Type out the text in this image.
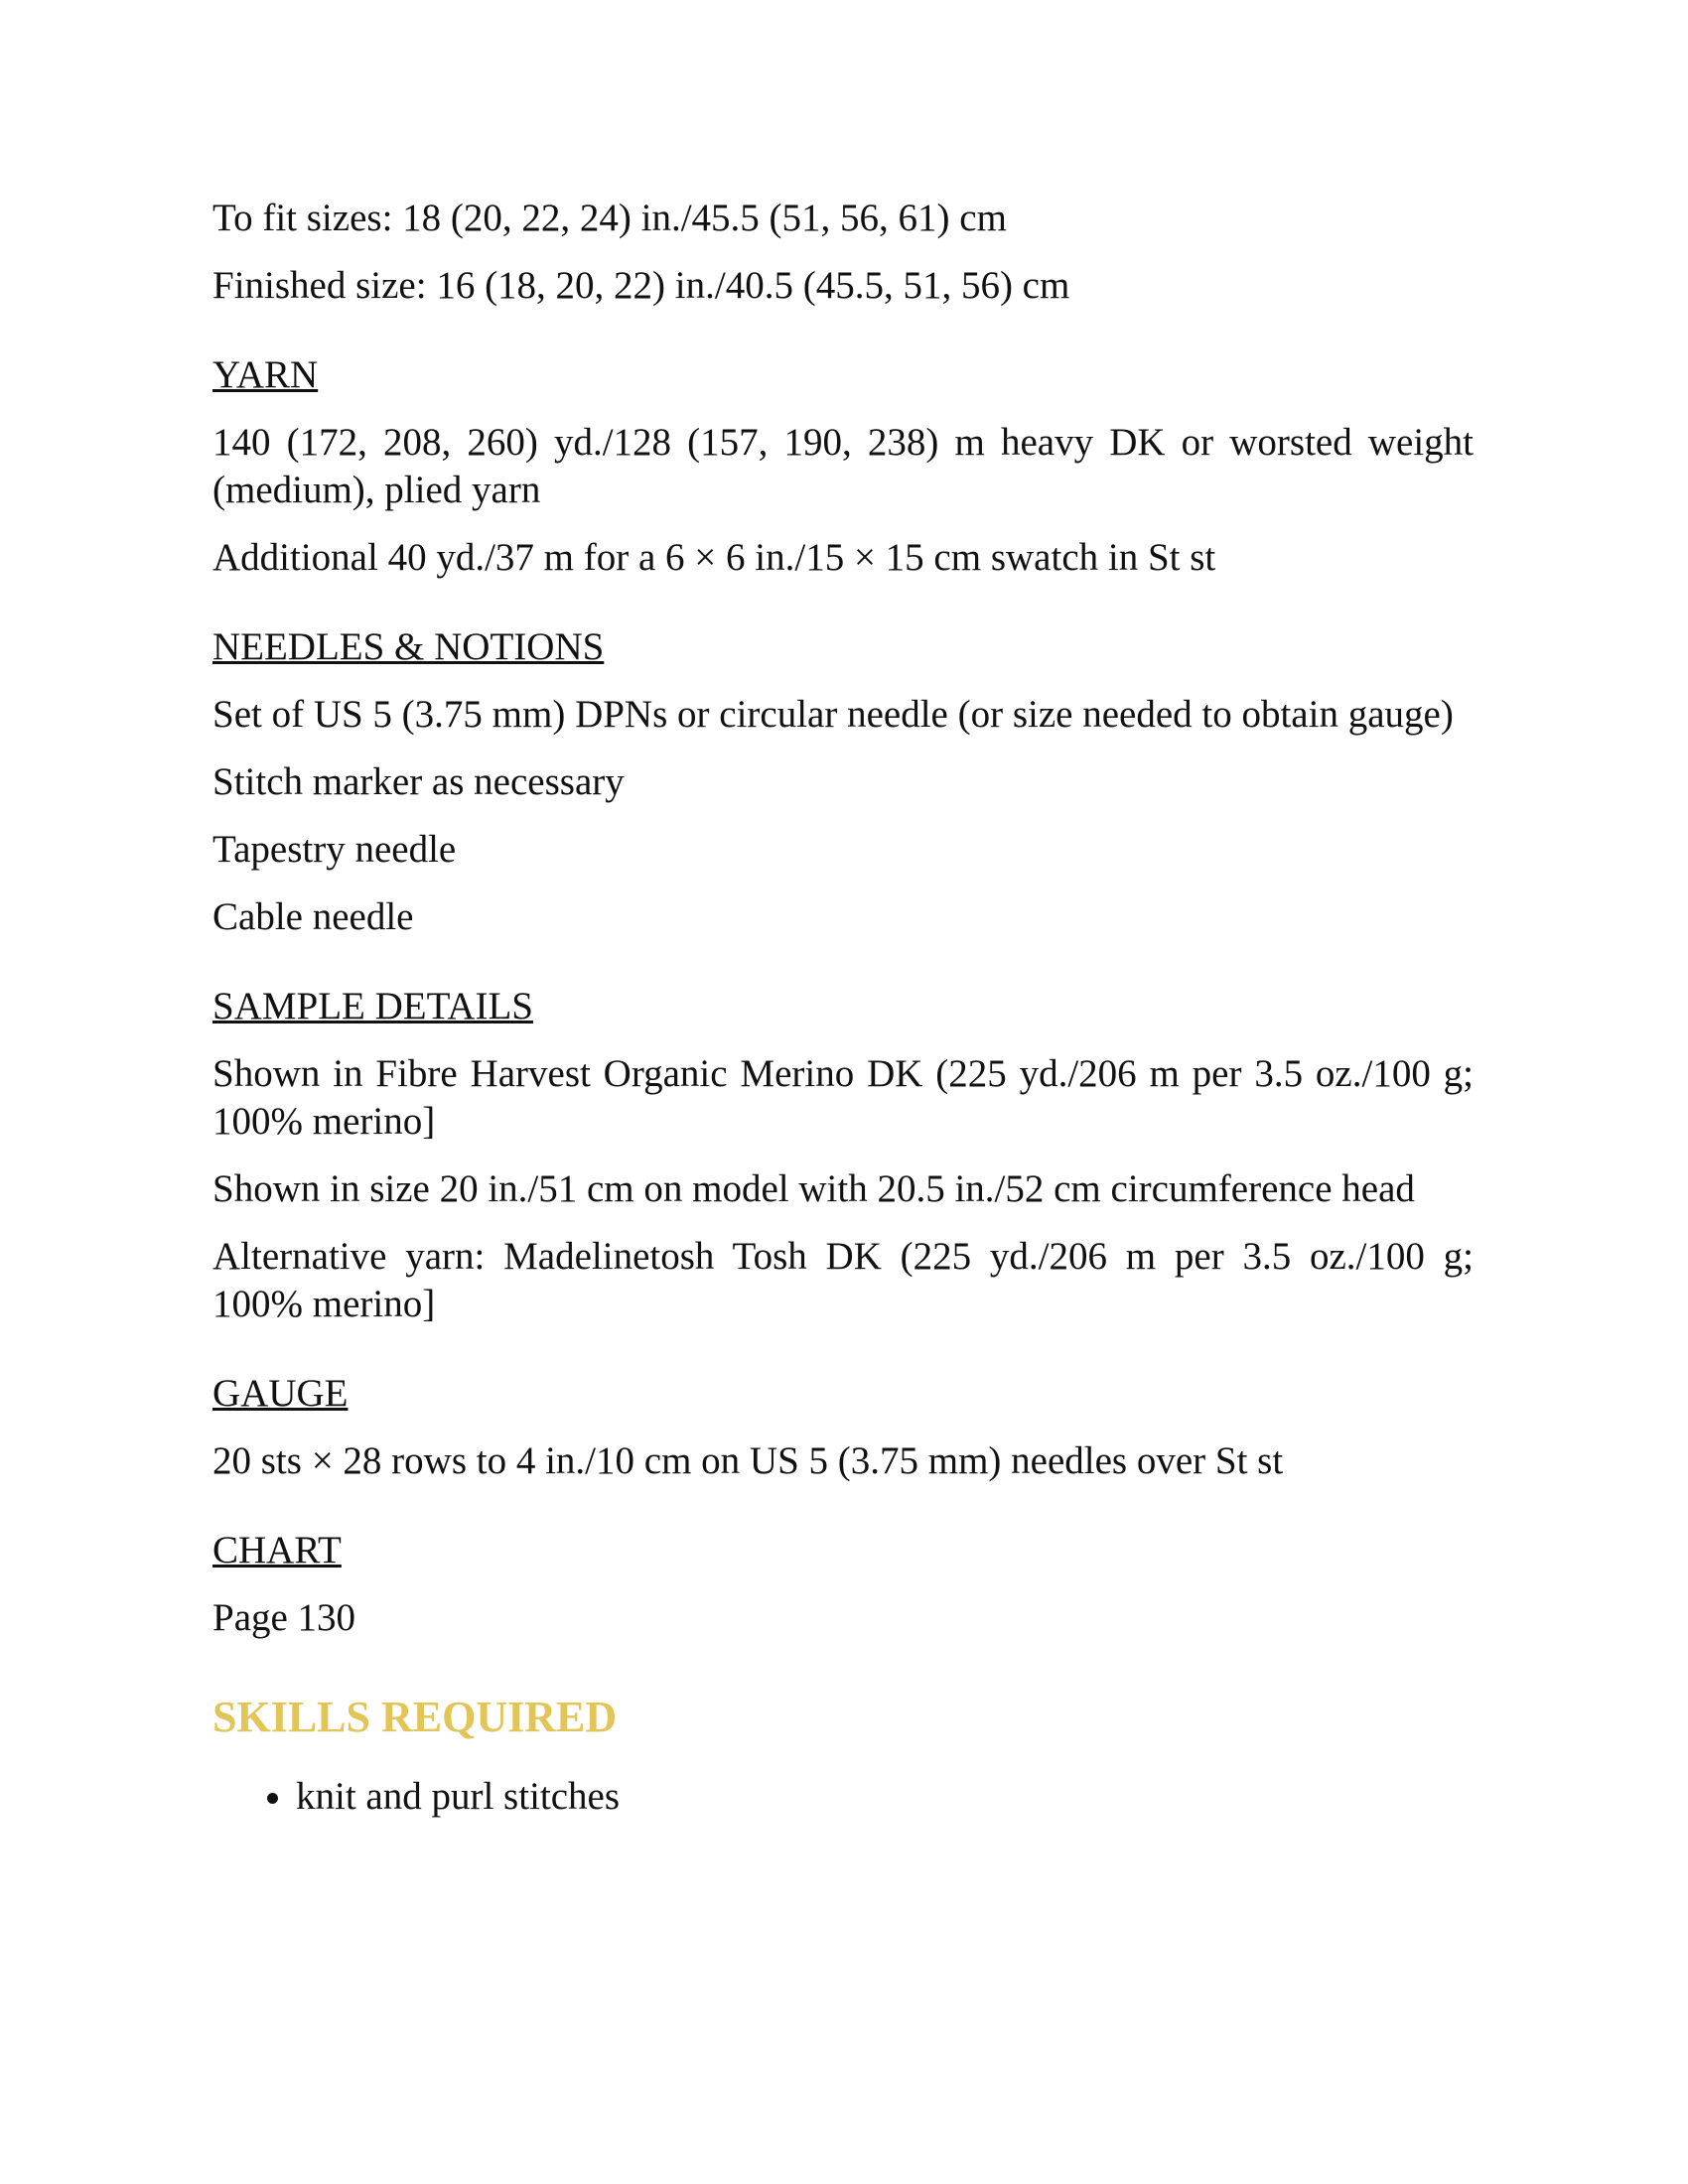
To fit sizes: 18 (20, 22, 24) in./45.5 (51, 56, 61) cm

Finished size: 16 (18, 20, 22) in./40.5 (45.5, 51, 56) cm

YARN

140 (172, 208, 260) yd./128 (157, 190, 238) m heavy DK or worsted weight (medium), plied yarn

Additional 40 yd./37 m for a 6 × 6 in./15 × 15 cm swatch in St st

NEEDLES & NOTIONS

Set of US 5 (3.75 mm) DPNs or circular needle (or size needed to obtain gauge)

Stitch marker as necessary

Tapestry needle

Cable needle

SAMPLE DETAILS

Shown in Fibre Harvest Organic Merino DK (225 yd./206 m per 3.5 oz./100 g; 100% merino]

Shown in size 20 in./51 cm on model with 20.5 in./52 cm circumference head

Alternative yarn: Madelinetosh Tosh DK (225 yd./206 m per 3.5 oz./100 g; 100% merino]

GAUGE

20 sts × 28 rows to 4 in./10 cm on US 5 (3.75 mm) needles over St st

CHART

Page 130

SKILLS REQUIRED
• knit and purl stitches
